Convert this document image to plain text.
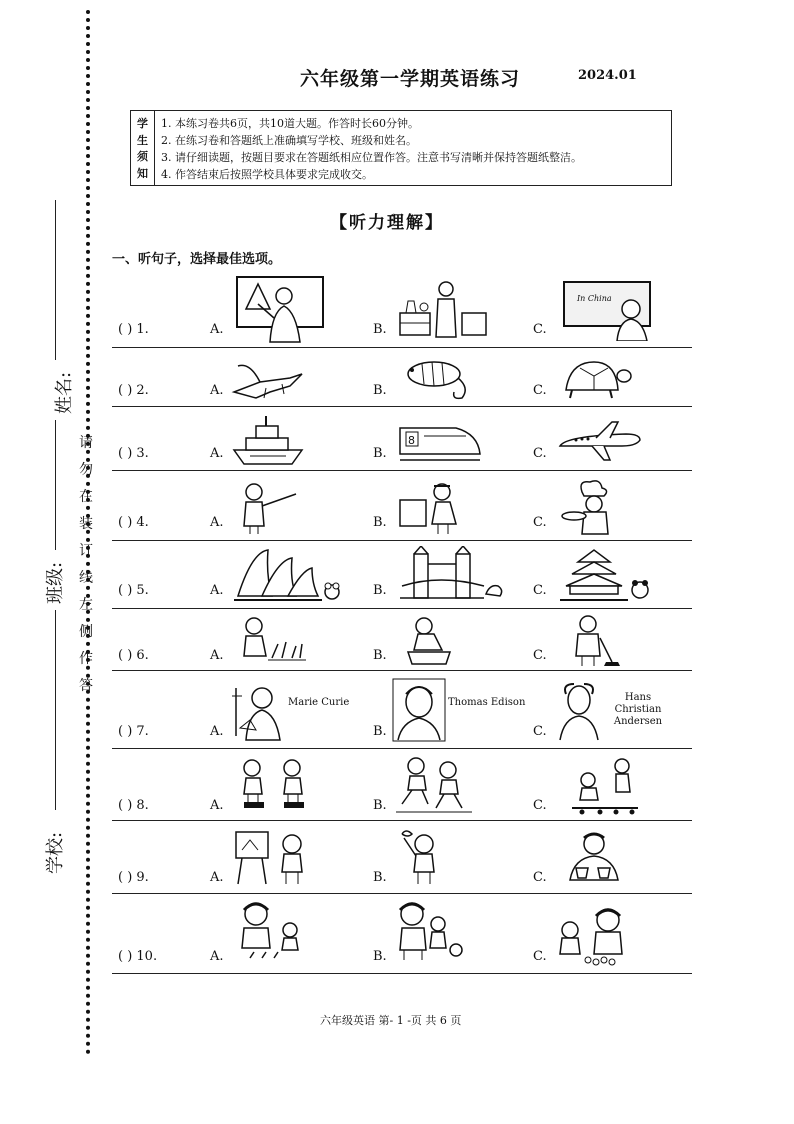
姓名:
班级:
学校:
请
勿
在
装
订
线
左
侧
作
答
六年级第一学期英语练习	2024.01
学
生
须
知
1. 本练习卷共6页，共10道大题。作答时长60分钟。
2. 在练习卷和答题纸上准确填写学校、班级和姓名。
3. 请仔细读题，按题目要求在答题纸相应位置作答。注意书写清晰并保持答题纸整洁。
4. 作答结束后按照学校具体要求完成收交。
【听力理解】
一、听句子，选择最佳选项。
( ) 1.	A.	B.	C.
In China
( ) 2.	A.	B.	C.
( ) 3.	A.	B.	C.
8
( ) 4.	A.	B.	C.
( ) 5.	A.	B.	C.
( ) 6.	A.	B.	C.
( ) 7.	A.	B.	C.
Marie Curie	Thomas Edison	Hans Christian
Andersen
( ) 8.	A.	B.	C.
( ) 9.	A.	B.	C.
( ) 10.	A.	B.	C.
六年级英语 第- 1 -页 共 6 页
